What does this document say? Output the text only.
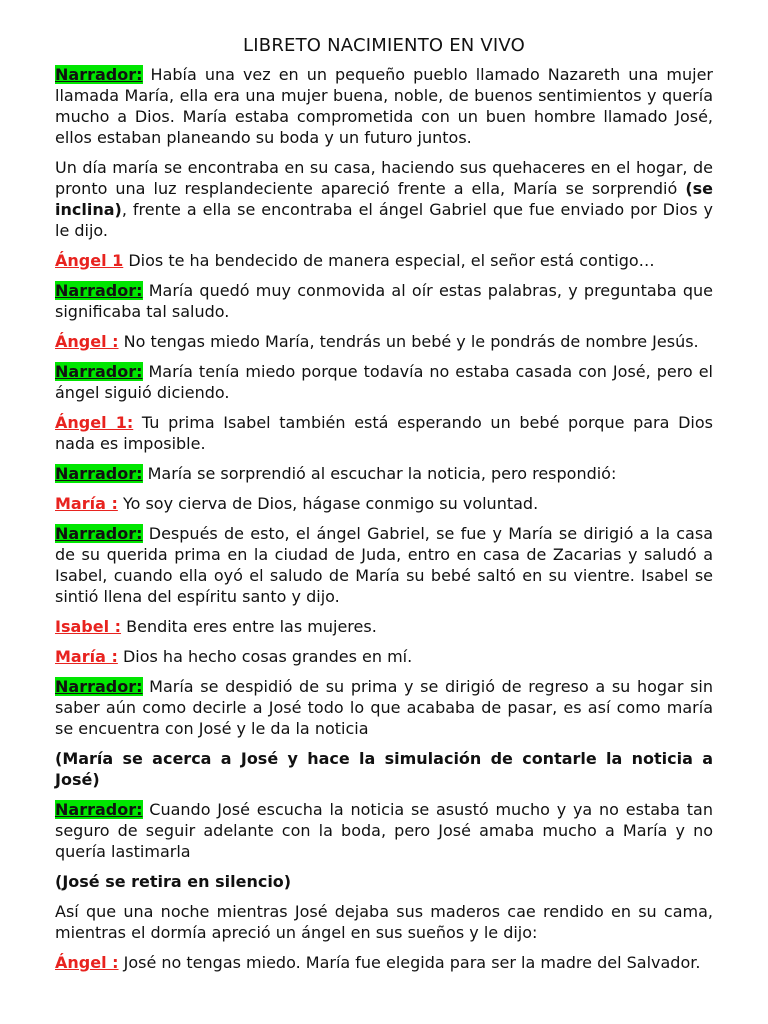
LIBRETO NACIMIENTO EN VIVO

Narrador: Había una vez en un pequeño pueblo llamado Nazareth una mujer llamada María, ella era una mujer buena, noble, de buenos sentimientos y quería mucho a Dios. María estaba comprometida con un buen hombre llamado José, ellos estaban planeando su boda y un futuro juntos.

Un día maría se encontraba en su casa, haciendo sus quehaceres en el hogar, de pronto una luz resplandeciente apareció frente a ella, María se sorprendió (se inclina), frente a ella se encontraba el ángel Gabriel que fue enviado por Dios y le dijo.

Ángel 1 Dios te ha bendecido de manera especial, el señor está contigo…

Narrador: María quedó muy conmovida al oír estas palabras, y preguntaba que significaba tal saludo.

Ángel : No tengas miedo María, tendrás un bebé y le pondrás de nombre Jesús.

Narrador: María tenía miedo porque todavía no estaba casada con José, pero el ángel siguió diciendo.

Ángel 1: Tu prima Isabel también está esperando un bebé porque para Dios nada es imposible.

Narrador: María se sorprendió al escuchar la noticia, pero respondió:

María : Yo soy cierva de Dios, hágase conmigo su voluntad.

Narrador: Después de esto, el ángel Gabriel, se fue y María se dirigió a la casa de su querida prima en la ciudad de Juda, entro en casa de Zacarias y saludó a Isabel, cuando ella oyó el saludo de María su bebé saltó en su vientre. Isabel se sintió llena del espíritu santo y dijo.

Isabel : Bendita eres entre las mujeres.

María : Dios ha hecho cosas grandes en mí.

Narrador: María se despidió de su prima y se dirigió de regreso a su hogar sin saber aún como decirle a José todo lo que acababa de pasar, es así como maría se encuentra con José y le da la noticia

(María se acerca a José y hace la simulación de contarle la noticia a José)

Narrador: Cuando José escucha la noticia se asustó mucho y ya no estaba tan seguro de seguir adelante con la boda, pero José amaba mucho a María y no quería lastimarla

(José se retira en silencio)

Así que una noche mientras José dejaba sus maderos cae rendido en su cama, mientras el dormía apreció un ángel en sus sueños y le dijo:

Ángel : José no tengas miedo. María fue elegida para ser la madre del Salvador.
